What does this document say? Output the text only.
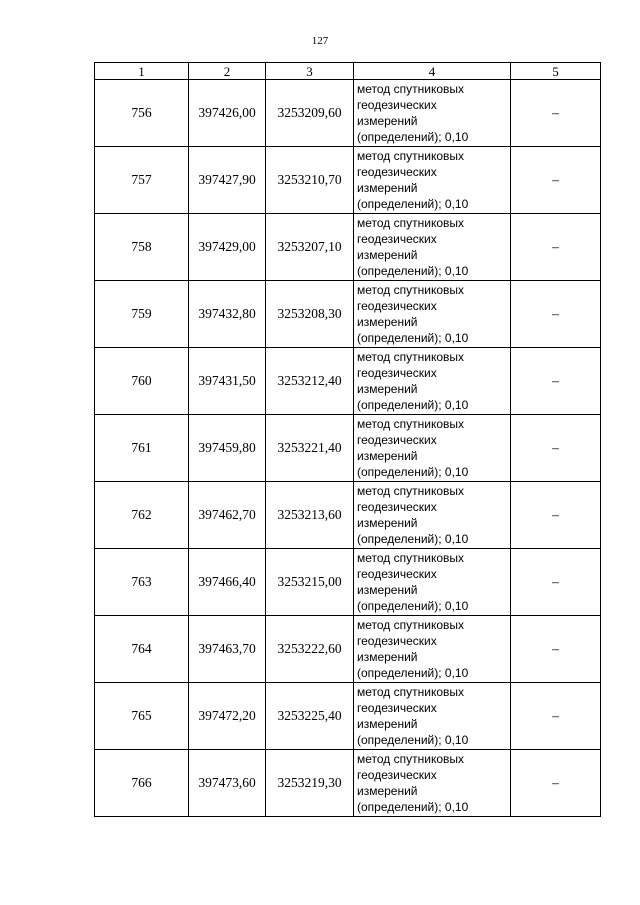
127
1	2	3	4	5
756	397426,00	3253209,60	метод спутниковых
геодезических
измерений
(определений); 0,10	–
757	397427,90	3253210,70	метод спутниковых
геодезических
измерений
(определений); 0,10	–
758	397429,00	3253207,10	метод спутниковых
геодезических
измерений
(определений); 0,10	–
759	397432,80	3253208,30	метод спутниковых
геодезических
измерений
(определений); 0,10	–
760	397431,50	3253212,40	метод спутниковых
геодезических
измерений
(определений); 0,10	–
761	397459,80	3253221,40	метод спутниковых
геодезических
измерений
(определений); 0,10	–
762	397462,70	3253213,60	метод спутниковых
геодезических
измерений
(определений); 0,10	–
763	397466,40	3253215,00	метод спутниковых
геодезических
измерений
(определений); 0,10	–
764	397463,70	3253222,60	метод спутниковых
геодезических
измерений
(определений); 0,10	–
765	397472,20	3253225,40	метод спутниковых
геодезических
измерений
(определений); 0,10	–
766	397473,60	3253219,30	метод спутниковых
геодезических
измерений
(определений); 0,10	–
